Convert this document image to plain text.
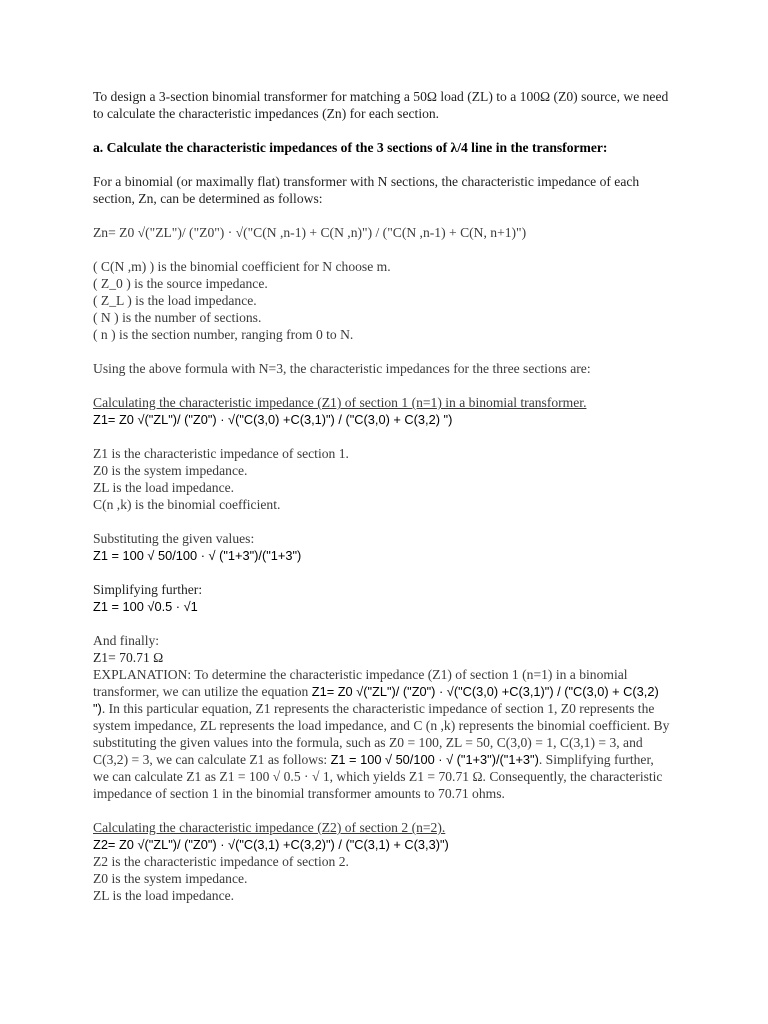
To design a 3-section binomial transformer for matching a 50Ω load (ZL) to a 100Ω (Z0) source, we need to calculate the characteristic impedances (Zn) for each section.

a. Calculate the characteristic impedances of the 3 sections of λ/4 line in the transformer:

For a binomial (or maximally flat) transformer with N sections, the characteristic impedance of each section, Zn, can be determined as follows:

Zn= Z0 √("ZL")/ ("Z0") · √("C(N ,n-1) + C(N ,n)") / ("C(N ,n-1) + C(N, n+1)")

( C(N ,m) ) is the binomial coefficient for N choose m.

( Z_0 ) is the source impedance.

( Z_L ) is the load impedance.

( N ) is the number of sections.

( n ) is the section number, ranging from 0 to N.

Using the above formula with N=3, the characteristic impedances for the three sections are:

Calculating the characteristic impedance (Z1) of section 1 (n=1) in a binomial transformer.

Z1= Z0 √("ZL")/ ("Z0") · √("C(3,0) +C(3,1)") / ("C(3,0) + C(3,2) ")

Z1 is the characteristic impedance of section 1.

Z0 is the system impedance.

ZL is the load impedance.

C(n ,k) is the binomial coefficient.

Substituting the given values:

Z1 = 100 √ 50/100 · √ ("1+3")/("1+3")

Simplifying further:

Z1 = 100 √0.5 · √1

And finally:

Z1= 70.71 Ω

EXPLANATION: To determine the characteristic impedance (Z1) of section 1 (n=1) in a binomial transformer, we can utilize the equation Z1= Z0 √("ZL")/ ("Z0") · √("C(3,0) +C(3,1)") / ("C(3,0) + C(3,2) "). In this particular equation, Z1 represents the characteristic impedance of section 1, Z0 represents the system impedance, ZL represents the load impedance, and C (n ,k) represents the binomial coefficient. By substituting the given values into the formula, such as Z0 = 100, ZL = 50, C(3,0) = 1, C(3,1) = 3, and C(3,2) = 3, we can calculate Z1 as follows: Z1 = 100 √ 50/100 · √ ("1+3")/("1+3"). Simplifying further, we can calculate Z1 as Z1 = 100 √ 0.5 · √ 1, which yields Z1 = 70.71 Ω. Consequently, the characteristic impedance of section 1 in the binomial transformer amounts to 70.71 ohms.

Calculating the characteristic impedance (Z2) of section 2 (n=2).

Z2= Z0 √("ZL")/ ("Z0") · √("C(3,1) +C(3,2)") / ("C(3,1) + C(3,3)")

Z2 is the characteristic impedance of section 2.

Z0 is the system impedance.

ZL is the load impedance.
